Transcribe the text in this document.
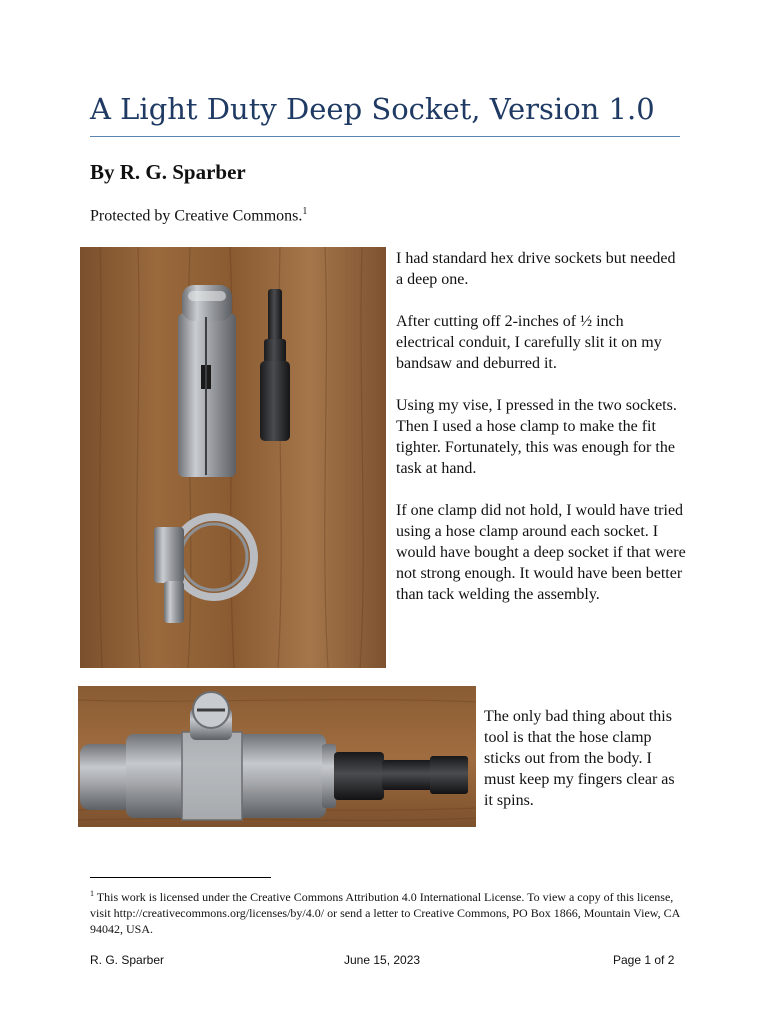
A Light Duty Deep Socket, Version 1.0
By R. G. Sparber
Protected by Creative Commons.$^1$

I had standard hex drive sockets but needed a deep one.

After cutting off 2-inches of ½ inch electrical conduit, I carefully slit it on my bandsaw and deburred it.

Using my vise, I pressed in the two sockets. Then I used a hose clamp to make the fit tighter. Fortunately, this was enough for the task at hand.

If one clamp did not hold, I would have tried using a hose clamp around each socket. I would have bought a deep socket if that were not strong enough. It would have been better than tack welding the assembly.

The only bad thing about this tool is that the hose clamp sticks out from the body. I must keep my fingers clear as it spins.

$^1$ This work is licensed under the Creative Commons Attribution 4.0 International License. To view a copy of this license, visit http://creativecommons.org/licenses/by/4.0/ or send a letter to Creative Commons, PO Box 1866, Mountain View, CA 94042, USA.
R. G. Sparber	June 15, 2023	Page 1 of 2
